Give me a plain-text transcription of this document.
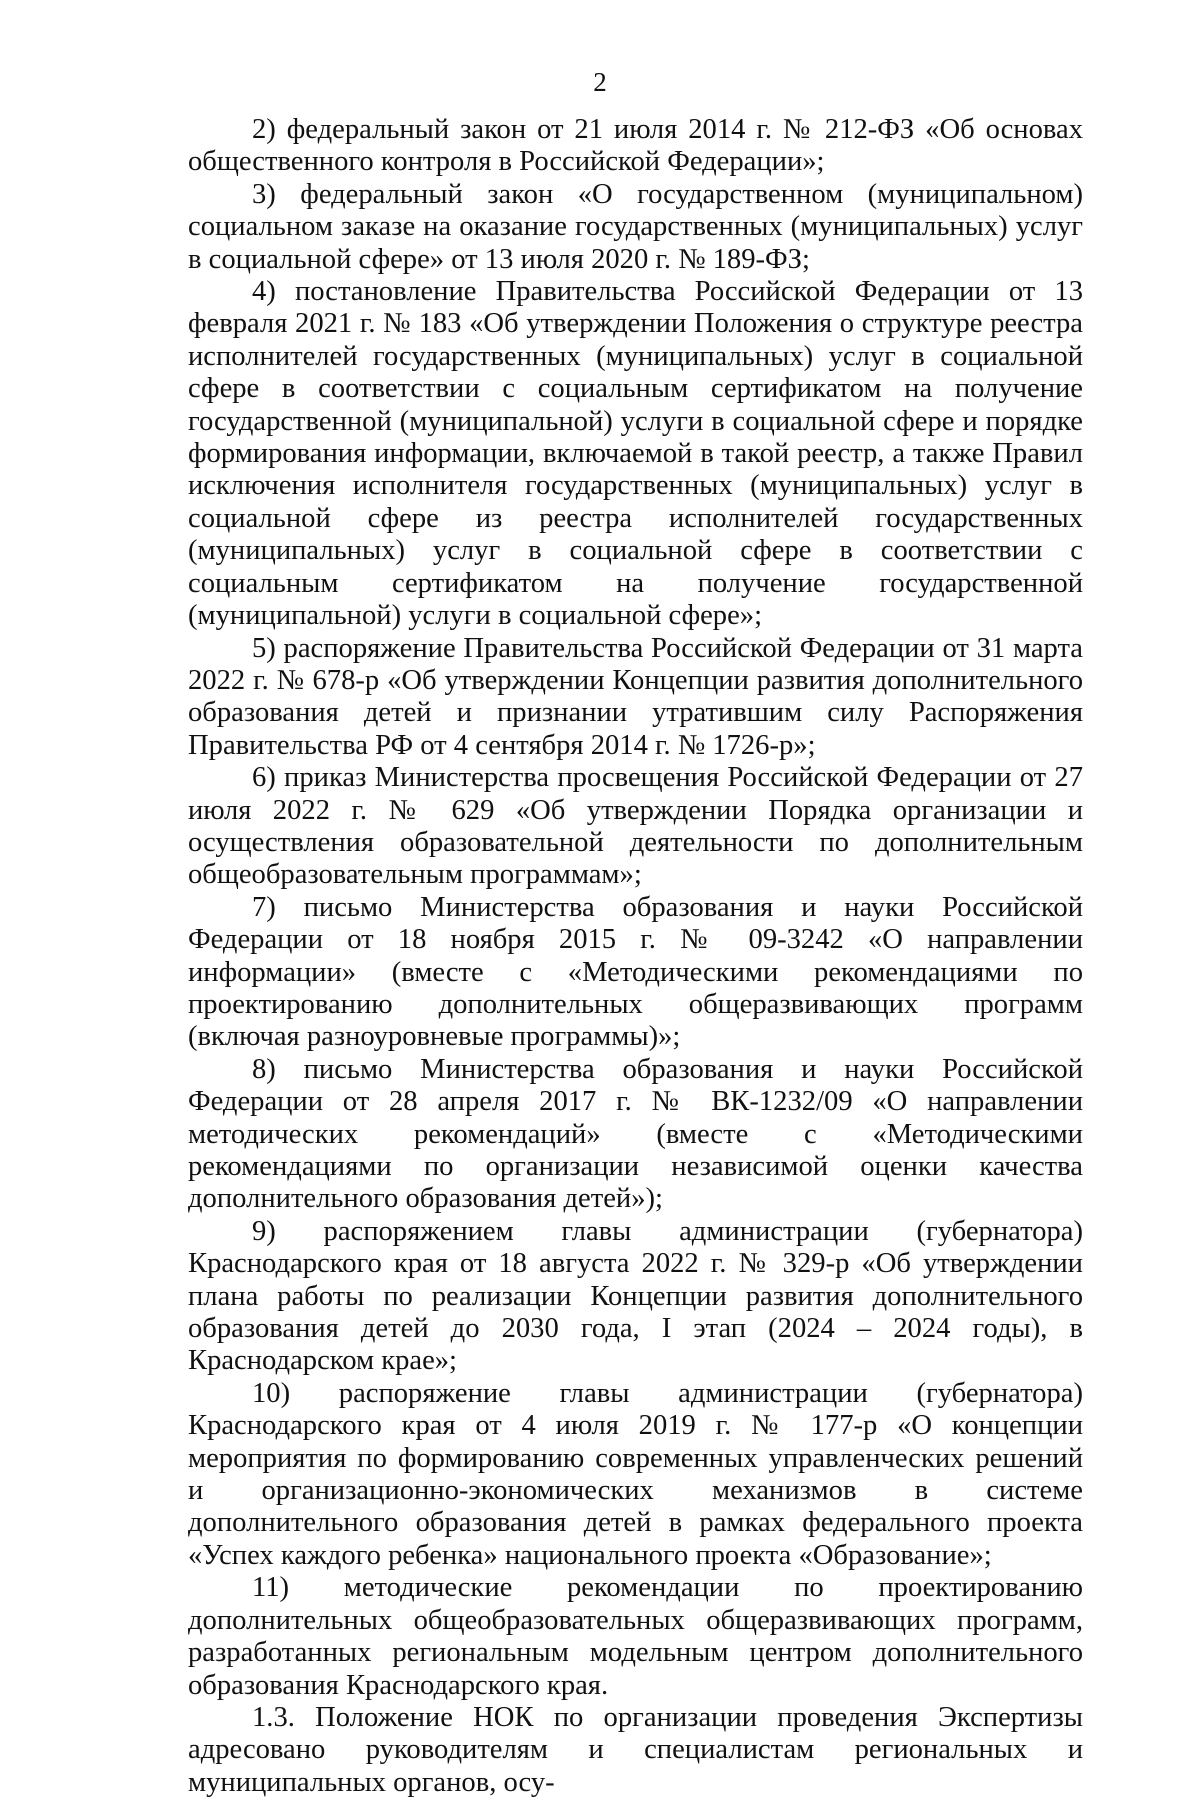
2

2) федеральный закон от 21 июля 2014 г. № 212-ФЗ «Об основах общественного контроля в Российской Федерации»;

3) федеральный закон «О государственном (муниципальном) социальном заказе на оказание государственных (муниципальных) услуг в социальной сфере» от 13 июля 2020 г. № 189-ФЗ;

4) постановление Правительства Российской Федерации от 13 февраля 2021 г. № 183 «Об утверждении Положения о структуре реестра исполнителей государственных (муниципальных) услуг в социальной сфере в соответствии с социальным сертификатом на получение государственной (муниципальной) услуги в социальной сфере и порядке формирования информации, включаемой в такой реестр, а также Правил исключения исполнителя государственных (муниципальных) услуг в социальной сфере из реестра исполнителей государственных (муниципальных) услуг в социальной сфере в соответствии с социальным сертификатом на получение государственной (муниципальной) услуги в социальной сфере»;

5) распоряжение Правительства Российской Федерации от 31 марта 2022 г. № 678-р «Об утверждении Концепции развития дополнительного образования детей и признании утратившим силу Распоряжения Правительства РФ от 4 сентября 2014 г. № 1726-р»;

6) приказ Министерства просвещения Российской Федерации от 27 июля 2022 г. № 629 «Об утверждении Порядка организации и осуществления образовательной деятельности по дополнительным общеобразовательным программам»;

7) письмо Министерства образования и науки Российской Федерации от 18 ноября 2015 г. № 09-3242 «О направлении информации» (вместе с «Методическими рекомендациями по проектированию дополнительных общеразвивающих программ (включая разноуровневые программы)»;

8) письмо Министерства образования и науки Российской Федерации от 28 апреля 2017 г. № ВК-1232/09 «О направлении методических рекомендаций» (вместе с «Методическими рекомендациями по организации независимой оценки качества дополнительного образования детей»);

9) распоряжением главы администрации (губернатора) Краснодарского края от 18 августа 2022 г. № 329-р «Об утверждении плана работы по реализации Концепции развития дополнительного образования детей до 2030 года, I этап (2024 – 2024 годы), в Краснодарском крае»;

10) распоряжение главы администрации (губернатора) Краснодарского края от 4 июля 2019 г. № 177-р «О концепции мероприятия по формированию современных управленческих решений и организационно-экономических механизмов в системе дополнительного образования детей в рамках федерального проекта «Успех каждого ребенка» национального проекта «Образование»;

11) методические рекомендации по проектированию дополнительных общеобразовательных общеразвивающих программ, разработанных региональным модельным центром дополнительного образования Краснодарского края.

1.3. Положение НОК по организации проведения Экспертизы адресовано руководителям и специалистам региональных и муниципальных органов, осу-
